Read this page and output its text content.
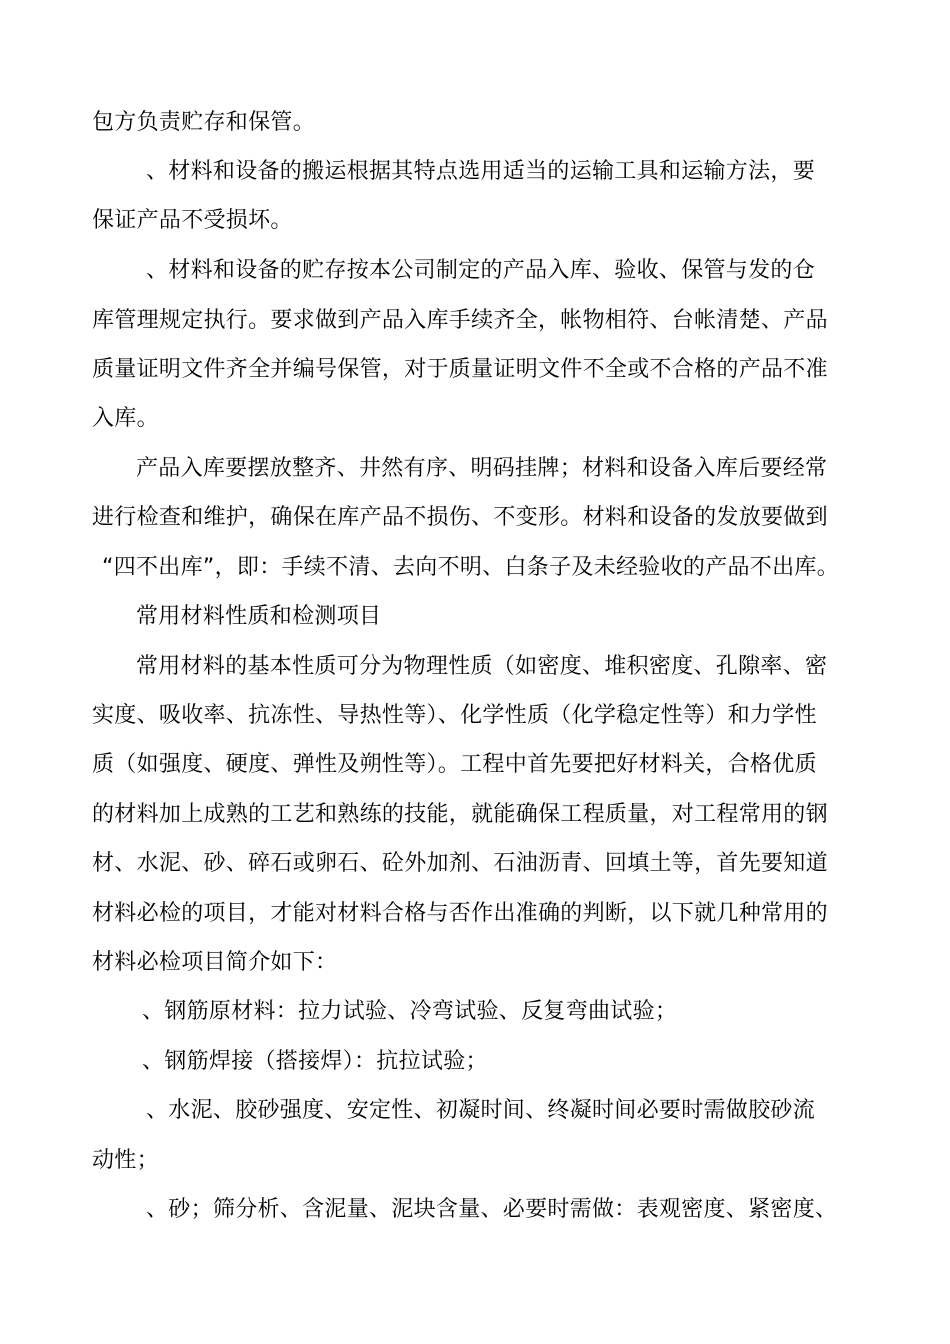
包方负责贮存和保管。
、材料和设备的搬运根据其特点选用适当的运输工具和运输方法，要
保证产品不受损坏。
、材料和设备的贮存按本公司制定的产品入库、验收、保管与发的仓
库管理规定执行。要求做到产品入库手续齐全，帐物相符、台帐清楚、产品
质量证明文件齐全并编号保管，对于质量证明文件不全或不合格的产品不准
入库。
产品入库要摆放整齐、井然有序、明码挂牌；材料和设备入库后要经常
进行检查和维护，确保在库产品不损伤、不变形。材料和设备的发放要做到
“四不出库”，即：手续不清、去向不明、白条子及未经验收的产品不出库。
常用材料性质和检测项目
常用材料的基本性质可分为物理性质（如密度、堆积密度、孔隙率、密
实度、吸收率、抗冻性、导热性等）、化学性质（化学稳定性等）和力学性
质（如强度、硬度、弹性及朔性等）。工程中首先要把好材料关，合格优质
的材料加上成熟的工艺和熟练的技能，就能确保工程质量，对工程常用的钢
材、水泥、砂、碎石或卵石、砼外加剂、石油沥青、回填土等，首先要知道
材料必检的项目，才能对材料合格与否作出准确的判断，以下就几种常用的
材料必检项目简介如下：
、钢筋原材料：拉力试验、冷弯试验、反复弯曲试验；
、钢筋焊接（搭接焊）：抗拉试验；
、水泥、胶砂强度、安定性、初凝时间、终凝时间必要时需做胶砂流
动性；
、砂；筛分析、含泥量、泥块含量、必要时需做：表观密度、紧密度、
